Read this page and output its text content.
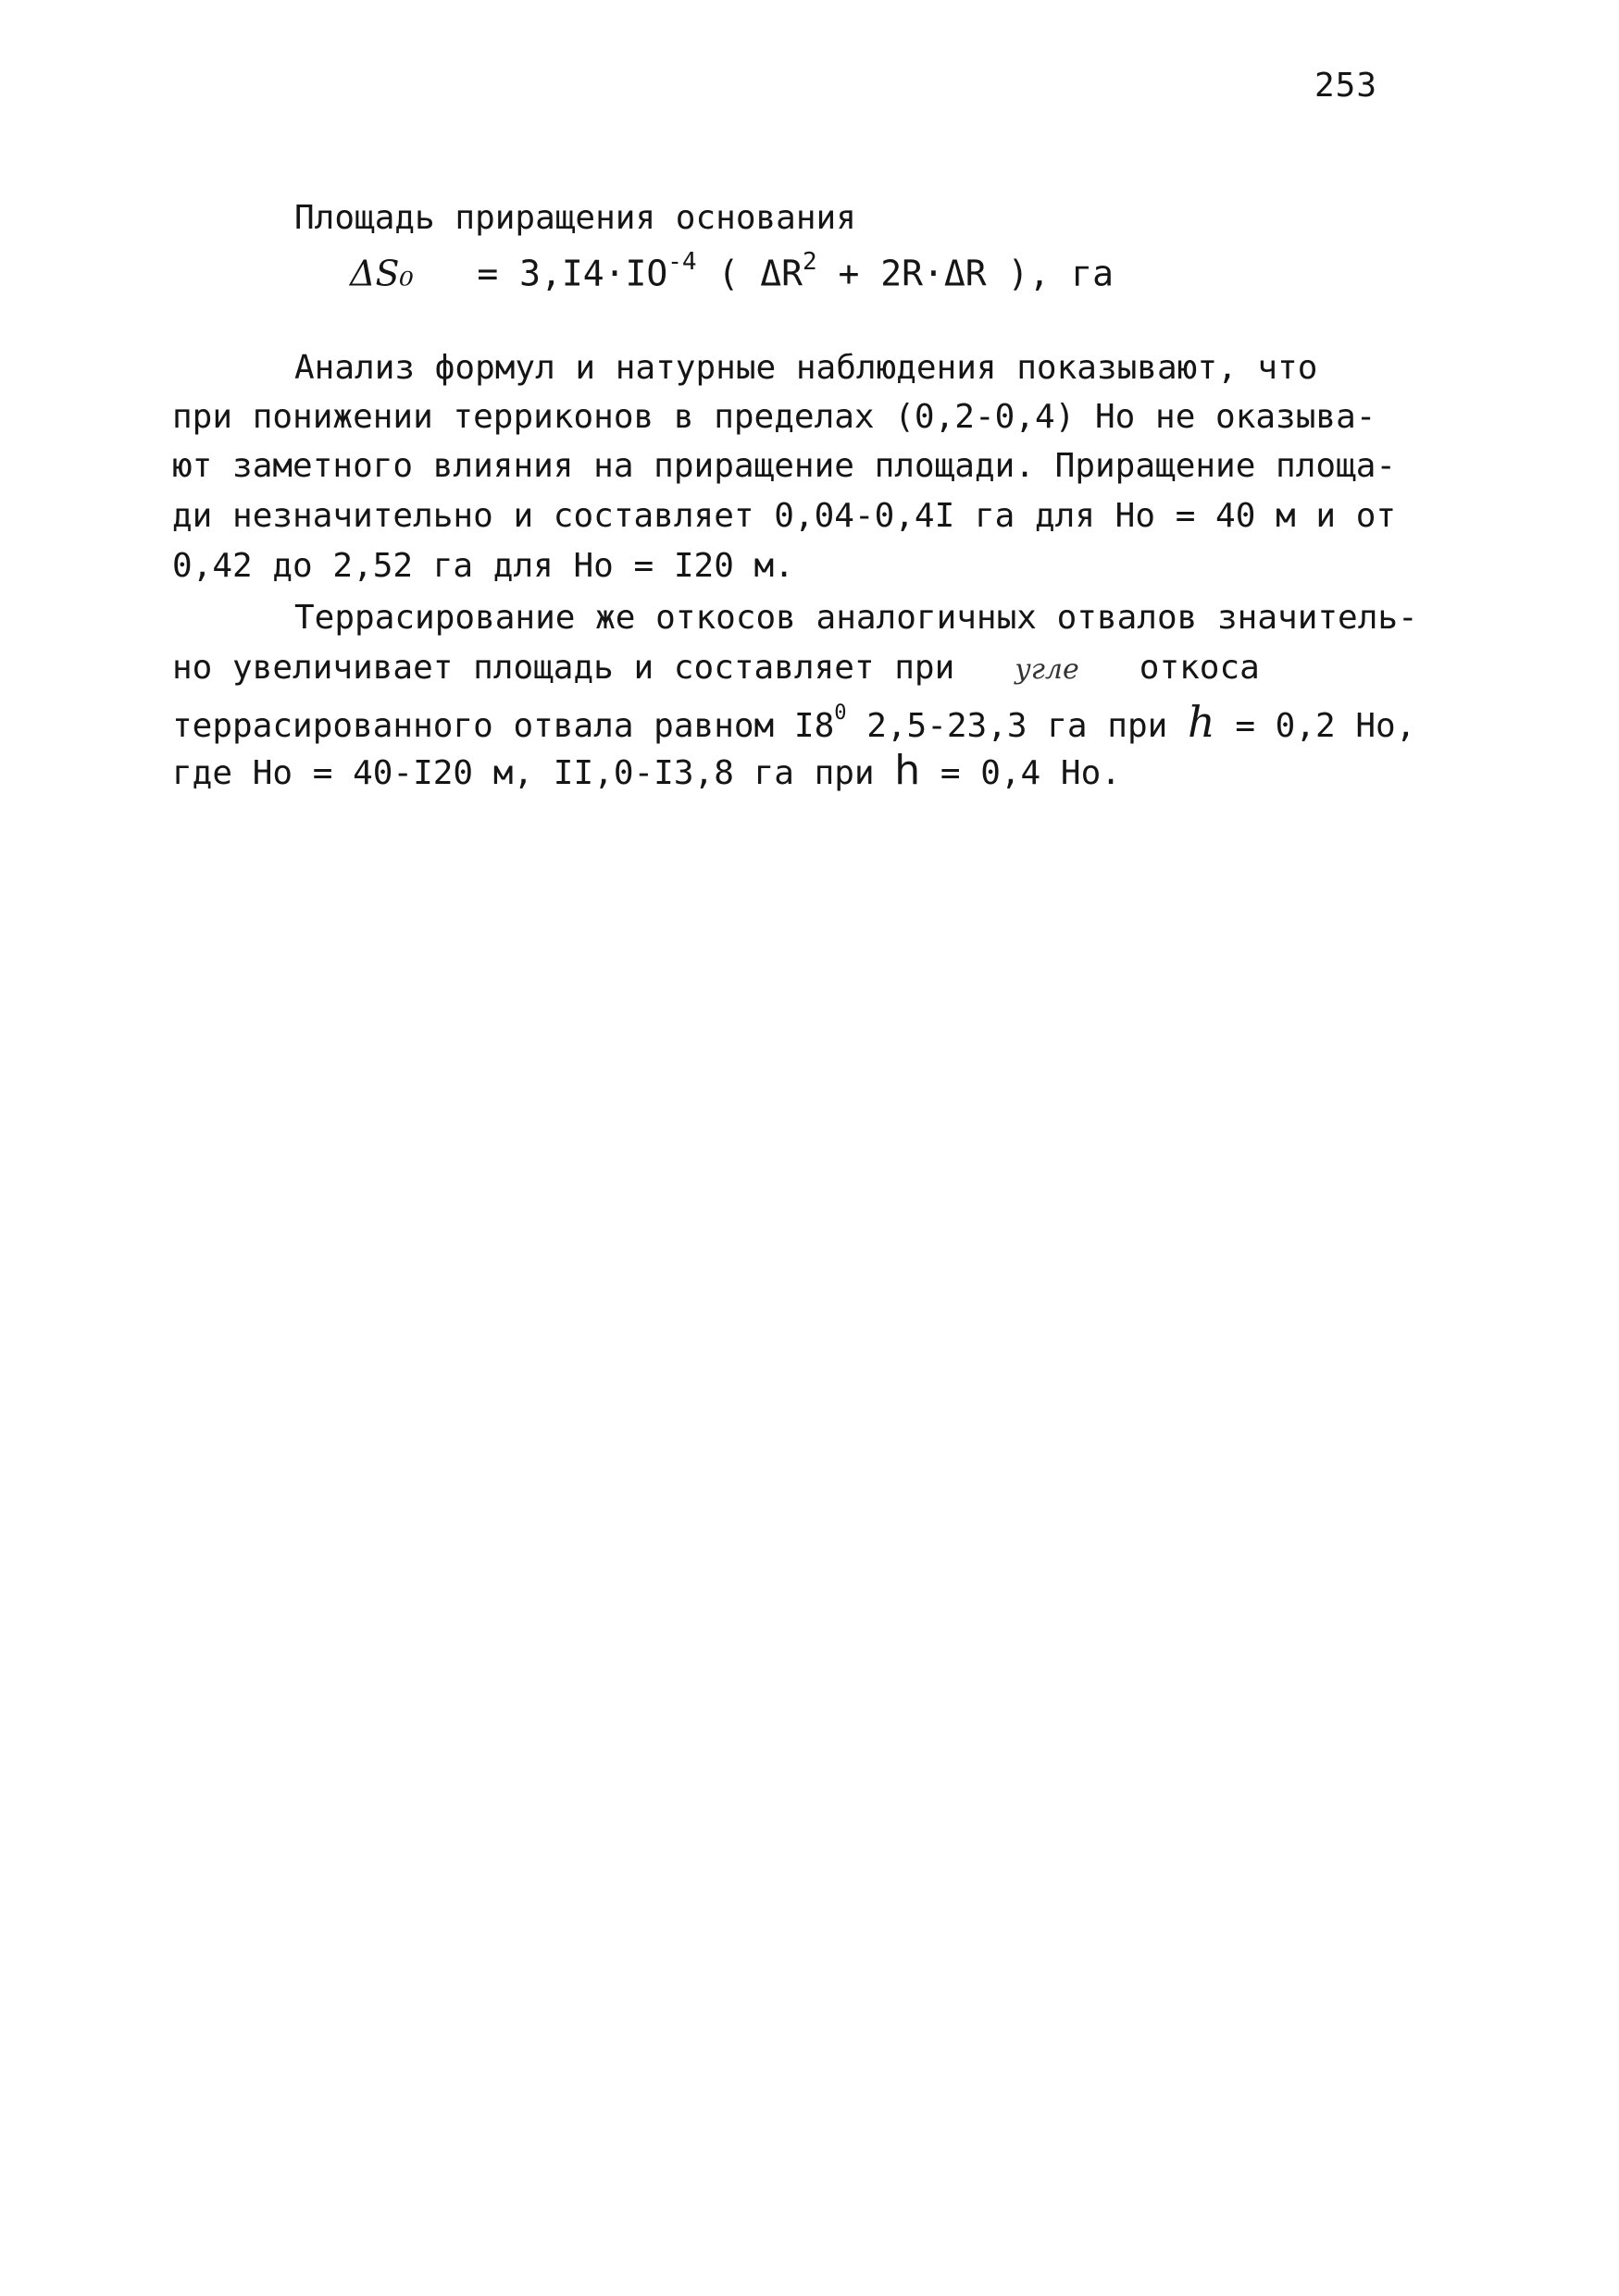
253
Площадь приращения основания
$\Delta S_0 = 3,I4\cdot IO^{-4}$ ( $\Delta R^2 + 2R\cdot\Delta R$ ), га
Анализ формул и натурные наблюдения показывают, что
при понижении терриконов в пределах (0,2-0,4) Но не оказыва-
ют заметного влияния на приращение площади. Приращение площа-
ди незначительно и составляет 0,04-0,4I га для Но = 40 м и от
0,42 до 2,52 га для Но = I20 м.
Террасирование же откосов аналогичных отвалов значитель-
но увеличивает площадь и составляет при угле откоса
террасированного отвала равном $I8^0$ 2,5-23,3 га при h = 0,2 Но,
где Но = 40-I20 м, II,0-I3,8 га при h = 0,4 Но.
